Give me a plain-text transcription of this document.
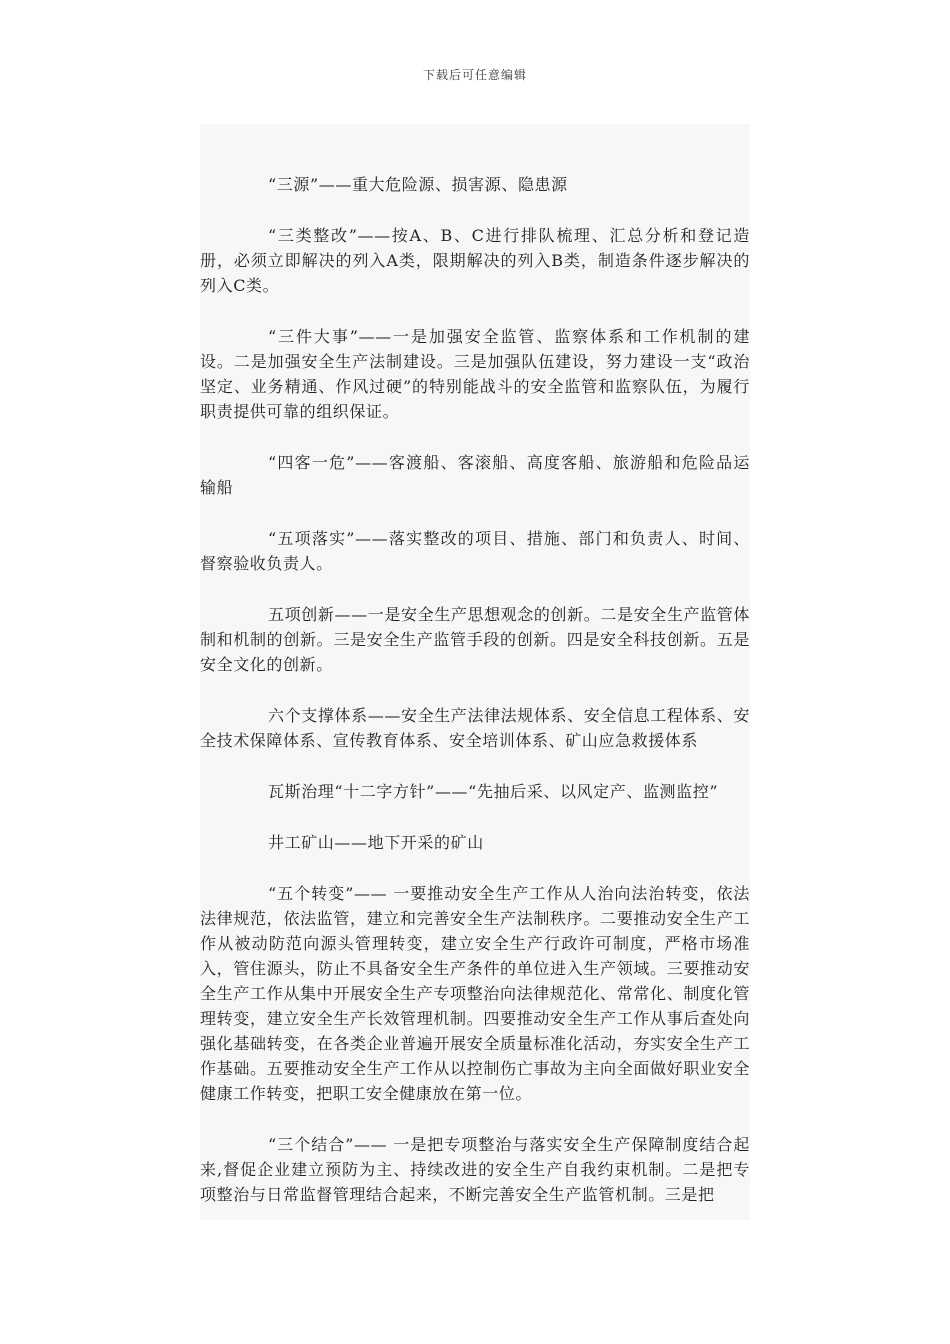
下载后可任意编辑

“三源”——重大危险源、损害源、隐患源

“三类整改”——按A、B、C进行排队梳理、汇总分析和登记造册，必须立即解决的列入A类，限期解决的列入B类，制造条件逐步解决的列入C类。

“三件大事”——一是加强安全监管、监察体系和工作机制的建设。二是加强安全生产法制建设。三是加强队伍建设，努力建设一支“政治坚定、业务精通、作风过硬”的特别能战斗的安全监管和监察队伍，为履行职责提供可靠的组织保证。

“四客一危”——客渡船、客滚船、高度客船、旅游船和危险品运输船

“五项落实”——落实整改的项目、措施、部门和负责人、时间、督察验收负责人。

五项创新——一是安全生产思想观念的创新。二是安全生产监管体制和机制的创新。三是安全生产监管手段的创新。四是安全科技创新。五是安全文化的创新。

六个支撑体系——安全生产法律法规体系、安全信息工程体系、安全技术保障体系、宣传教育体系、安全培训体系、矿山应急救援体系

瓦斯治理“十二字方针”——“先抽后采、以风定产、监测监控”

井工矿山——地下开采的矿山

“五个转变”—— 一要推动安全生产工作从人治向法治转变，依法法律规范，依法监管，建立和完善安全生产法制秩序。二要推动安全生产工作从被动防范向源头管理转变，建立安全生产行政许可制度，严格市场准入，管住源头，防止不具备安全生产条件的单位进入生产领域。三要推动安全生产工作从集中开展安全生产专项整治向法律规范化、常常化、制度化管理转变，建立安全生产长效管理机制。四要推动安全生产工作从事后查处向强化基础转变，在各类企业普遍开展安全质量标准化活动，夯实安全生产工作基础。五要推动安全生产工作从以控制伤亡事故为主向全面做好职业安全健康工作转变，把职工安全健康放在第一位。

“三个结合”—— 一是把专项整治与落实安全生产保障制度结合起来,督促企业建立预防为主、持续改进的安全生产自我约束机制。二是把专项整治与日常监督管理结合起来，不断完善安全生产监管机制。三是把
